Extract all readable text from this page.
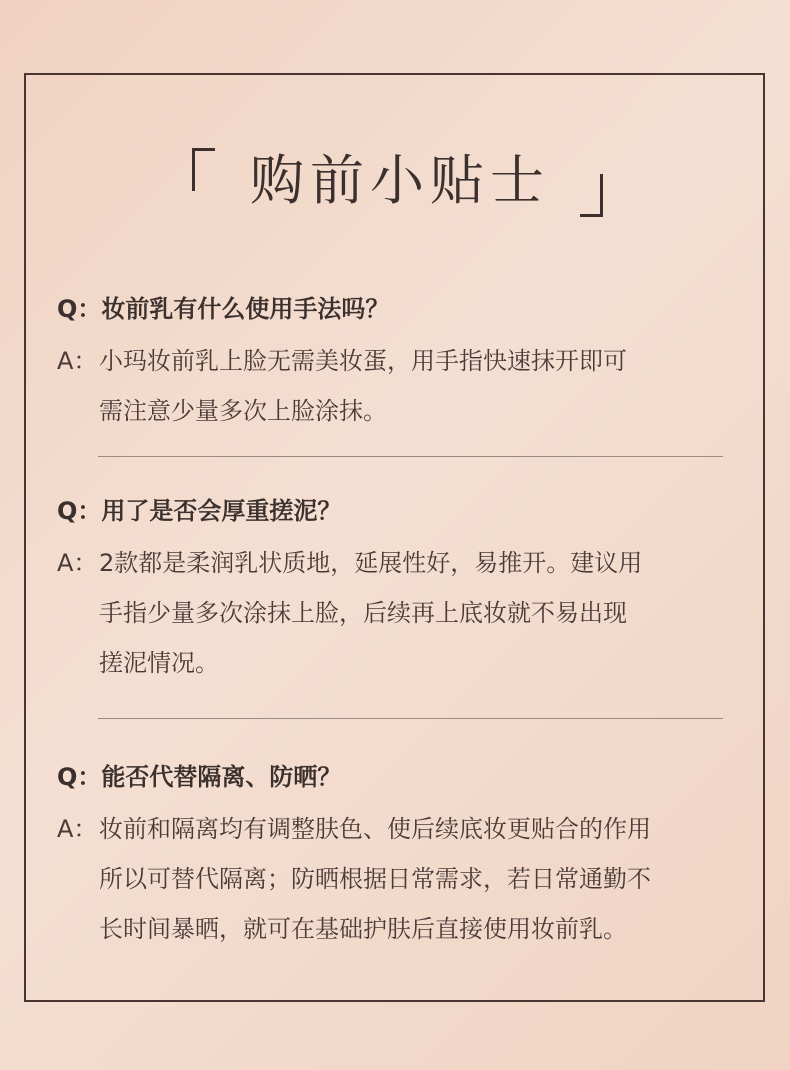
购前小贴士

Q：妆前乳有什么使用手法吗？

A： 小玛妆前乳上脸无需美妆蛋，用手指快速抹开即可
需注意少量多次上脸涂抹。

Q：用了是否会厚重搓泥？

A： 2款都是柔润乳状质地，延展性好，易推开。建议用
手指少量多次涂抹上脸，后续再上底妆就不易出现
搓泥情况。

Q：能否代替隔离、防晒？

A： 妆前和隔离均有调整肤色、使后续底妆更贴合的作用
所以可替代隔离；防晒根据日常需求，若日常通勤不
长时间暴晒，就可在基础护肤后直接使用妆前乳。
